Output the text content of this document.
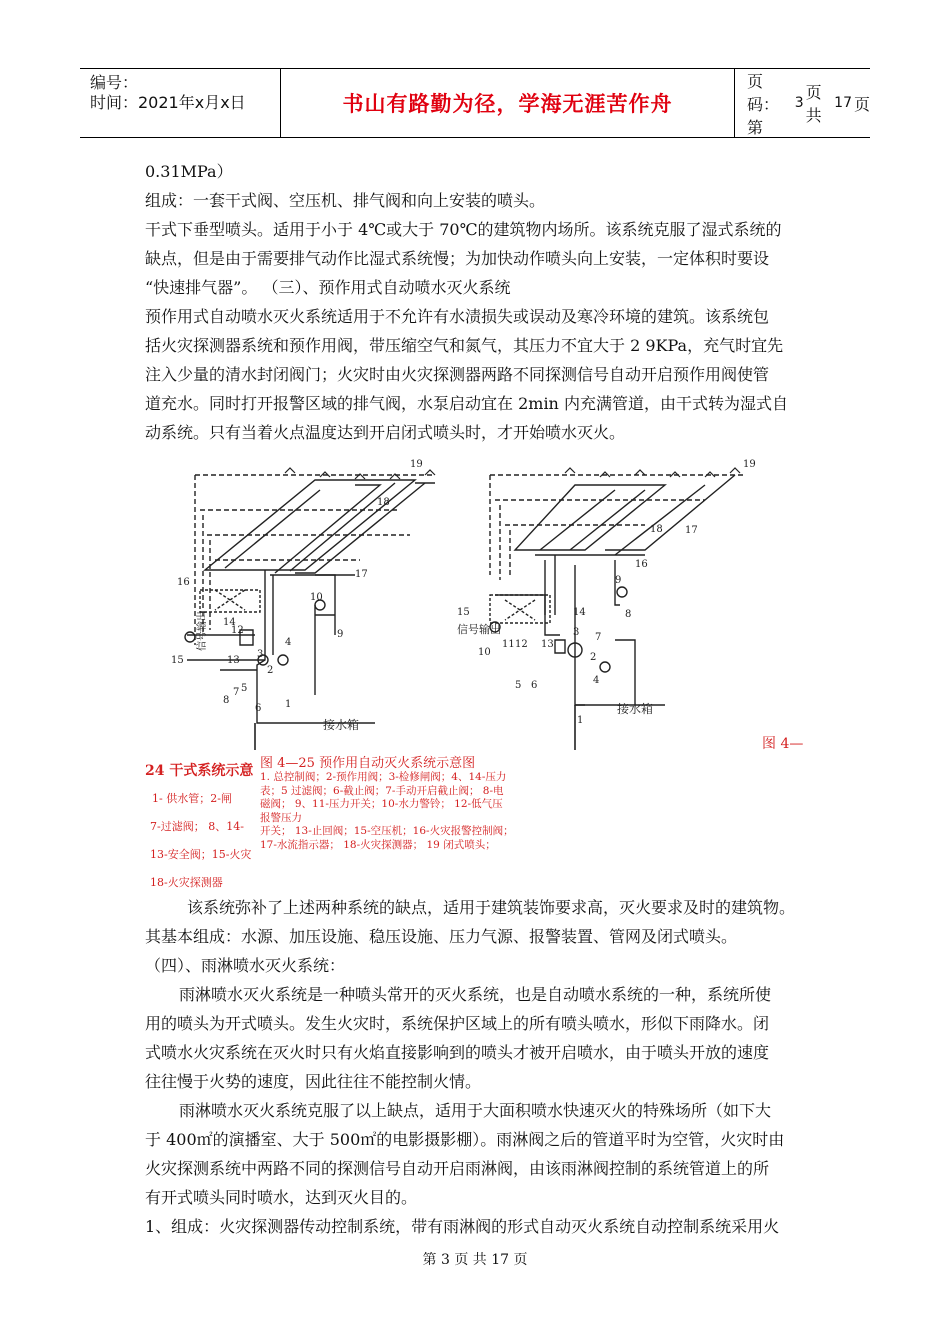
编号：
时间：2021年x月x日	书山有路勤为径，学海无涯苦作舟
页码：第
3
页 共
17 页

0.31MPa）

组成：一套干式阀、空压机、排气阀和向上安装的喷头。

干式下垂型喷头。适用于小于 4℃或大于 70℃的建筑物内场所。该系统克服了湿式系统的

缺点，但是由于需要排气动作比湿式系统慢；为加快动作喷头向上安装，一定体积时要设

“快速排气器”。 （三）、预作用式自动喷水灭火系统

预作用式自动喷水灭火系统适用于不允许有水渍损失或误动及寒冷环境的建筑。该系统包

括火灾探测器系统和预作用阀，带压缩空气和氮气，其压力不宜大于 2 9KPa，充气时宜先

注入少量的清水封闭阀门；火灾时由火灾探测器两路不同探测信号自动开启预作用阀使管

道充水。同时打开报警区域的排气阀，水泵启动宜在 2min 内充满管道，由干式转为湿式自

动系统。只有当着火点温度达到开启闭式喷头时，才开始喷水灭火。

19
18
17
16
10
9
14
12
15	13
4
3
2
8
7
6
5
1
19
18 17
16
9
8
15	14
10
11 12 13
3 7
2
4
5 6
1
信号输出	信号输出
接水箱
接水箱
图 4—
24 干式系统示意
1- 供水管；2-闸
7-过滤阀； 8、14-
13-安全阀；15-火灾
18-火灾探测器
图 4—25 预作用自动灭火系统示意图
1. 总控制阀；2-预作用阀；3-检修闸阀；4、14-压力
表；5 过滤阀；6-截止阀；7-手动开启截止阀； 8-电
磁阀； 9、11-压力开关；10-水力警铃； 12-低气压
报警压力
开关； 13-止回阀；15-空压机；16-火灾报警控制阀；
17-水流指示器； 18-火灾探测器； 19 闭式喷头；

该系统弥补了上述两种系统的缺点，适用于建筑装饰要求高，灭火要求及时的建筑物。

其基本组成：水源、加压设施、稳压设施、压力气源、报警装置、管网及闭式喷头。

（四）、雨淋喷水灭火系统：

雨淋喷水灭火系统是一种喷头常开的灭火系统，也是自动喷水系统的一种，系统所使

用的喷头为开式喷头。发生火灾时，系统保护区域上的所有喷头喷水，形似下雨降水。闭

式喷水火灾系统在灭火时只有火焰直接影响到的喷头才被开启喷水，由于喷头开放的速度

往往慢于火势的速度，因此往往不能控制火情。

雨淋喷水灭火系统克服了以上缺点，适用于大面积喷水快速灭火的特殊场所（如下大

于 400㎡的演播室、大于 500㎡的电影摄影棚）。雨淋阀之后的管道平时为空管，火灾时由

火灾探测系统中两路不同的探测信号自动开启雨淋阀，由该雨淋阀控制的系统管道上的所

有开式喷头同时喷水，达到灭火目的。

1、组成：火灾探测器传动控制系统，带有雨淋阀的形式自动灭火系统自动控制系统采用火

第 3 页 共 17 页
